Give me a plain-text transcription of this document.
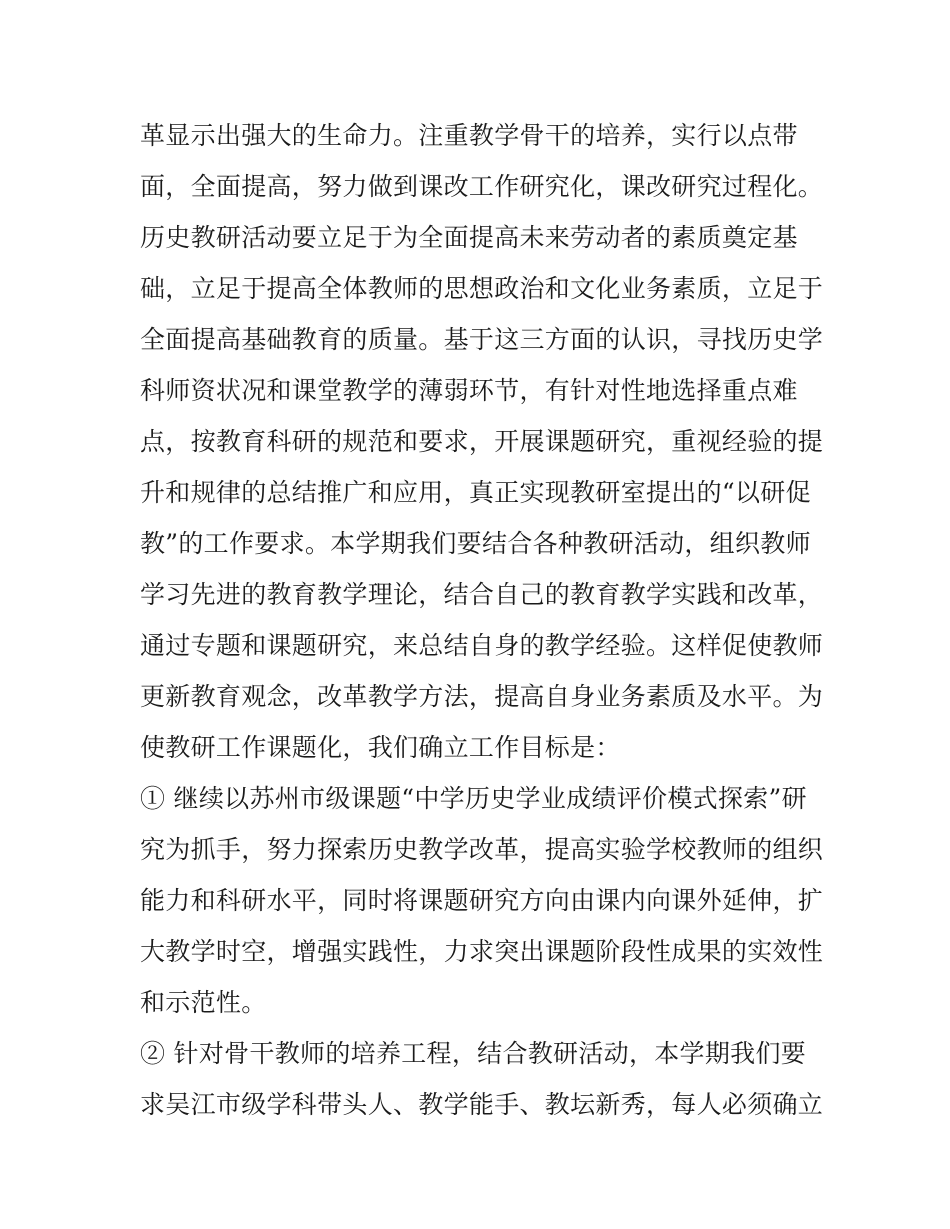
革显示出强大的生命力。注重教学骨干的培养，实行以点带
面，全面提高，努力做到课改工作研究化，课改研究过程化。
历史教研活动要立足于为全面提高未来劳动者的素质奠定基
础，立足于提高全体教师的思想政治和文化业务素质，立足于
全面提高基础教育的质量。基于这三方面的认识，寻找历史学
科师资状况和课堂教学的薄弱环节，有针对性地选择重点难
点，按教育科研的规范和要求，开展课题研究，重视经验的提
升和规律的总结推广和应用，真正实现教研室提出的“以研促
教”的工作要求。本学期我们要结合各种教研活动，组织教师
学习先进的教育教学理论，结合自己的教育教学实践和改革，
通过专题和课题研究，来总结自身的教学经验。这样促使教师
更新教育观念，改革教学方法，提高自身业务素质及水平。为
使教研工作课题化，我们确立工作目标是：
① 继续以苏州市级课题“中学历史学业成绩评价模式探索”研
究为抓手，努力探索历史教学改革，提高实验学校教师的组织
能力和科研水平，同时将课题研究方向由课内向课外延伸，扩
大教学时空，增强实践性，力求突出课题阶段性成果的实效性
和示范性。
② 针对骨干教师的培养工程，结合教研活动，本学期我们要
求吴江市级学科带头人、教学能手、教坛新秀，每人必须确立
